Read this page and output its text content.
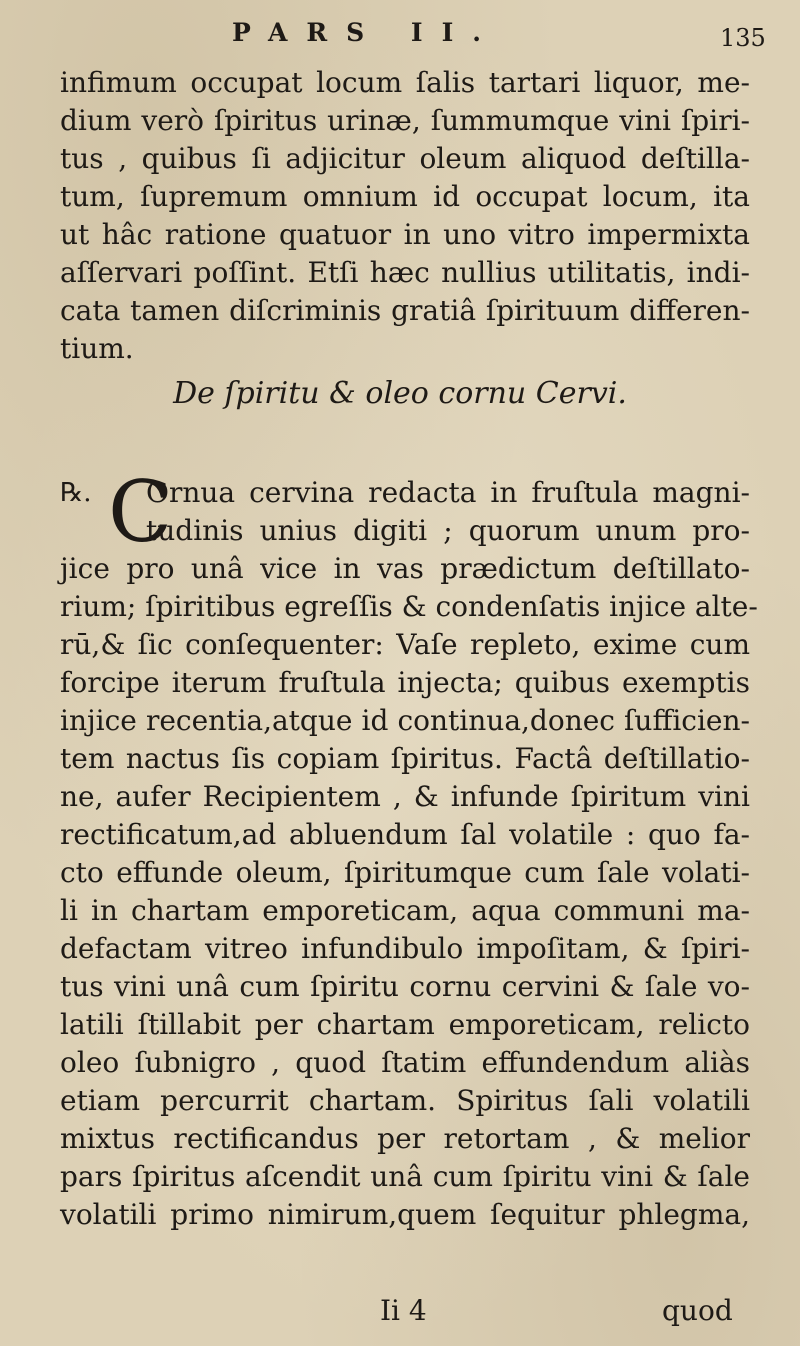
PARS II.	135
infimum occupat locum ſalis tartari liquor, me-
dium verò ſpiritus urinæ, ſummumque vini ſpiri-
tus , quibus ſi adjicitur oleum aliquod deſtilla-
tum, ſupremum omnium id occupat locum, ita
ut hâc ratione quatuor in uno vitro impermixta
aſſervari poſſint. Etſi hæc nullius utilitatis, indi-
cata tamen diſcriminis gratiâ ſpirituum differen-
tium.
De ſpiritu & oleo cornu Cervi.
℞. C
Ornua cervina redacta in fruſtula magni-
tudinis unius digiti ; quorum unum pro-
jice pro unâ vice in vas prædictum deſtillato-
rium; ſpiritibus egreſſis & condenſatis injice alte-
rū,& ſic conſequenter: Vaſe repleto, exime cum
forcipe iterum fruſtula injecta; quibus exemptis
injice recentia,atque id continua,donec ſufficien-
tem nactus ſis copiam ſpiritus. Factâ deſtillatio-
ne, aufer Recipientem , & infunde ſpiritum vini
rectificatum,ad abluendum ſal volatile : quo fa-
cto effunde oleum, ſpiritumque cum ſale volati-
li in chartam emporeticam, aqua communi ma-
defactam vitreo infundibulo impoſitam, & ſpiri-
tus vini unâ cum ſpiritu cornu cervini & ſale vo-
latili ſtillabit per chartam emporeticam, relicto
oleo ſubnigro , quod ſtatim effundendum aliàs
etiam percurrit chartam. Spiritus ſali volatili
mixtus rectificandus per retortam , & melior
pars ſpiritus aſcendit unâ cum ſpiritu vini & ſale
volatili primo nimirum,quem ſequitur phlegma,
Ii 4	quod
